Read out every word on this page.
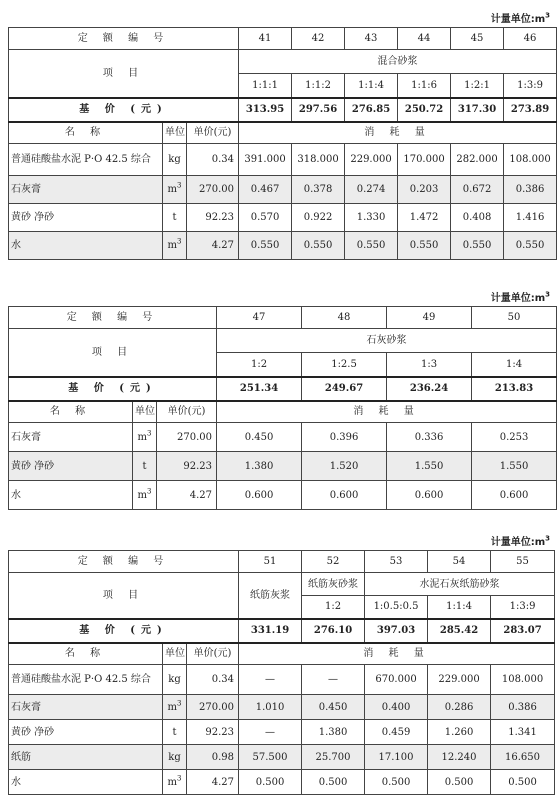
计量单位$:m^3$
定 额 编 号			41	42	43	44	45	46
项 目			混合砂浆					
			1:1:1	1:1:2	1:1:4	1:1:6	1:2:1	1:3:9
基 价 (元)			313.95	297.56	276.85	250.72	317.30	273.89
名 称	单位	单价(元)	消 耗 量					
普通硅酸盐水泥 P·O 42.5 综合	kg	0.34	391.000	318.000	229.000	170.000	282.000	108.000
石灰膏	$m^3$	270.00	0.467	0.378	0.274	0.203	0.672	0.386
黄砂 净砂	t	92.23	0.570	0.922	1.330	1.472	0.408	1.416
水	$m^3$	4.27	0.550	0.550	0.550	0.550	0.550	0.550
计量单位$:m^3$
定 额 编 号			47	48	49	50
项 目			石灰砂浆			
			1:2	1:2.5	1:3	1:4
基 价 (元)			251.34	249.67	236.24	213.83
名 称	单位	单价(元)	消 耗 量			
石灰膏	$m^3$	270.00	0.450	0.396	0.336	0.253
黄砂 净砂	t	92.23	1.380	1.520	1.550	1.550
水	$m^3$	4.27	0.600	0.600	0.600	0.600
计量单位$:m^3$
定 额 编 号			51	52	53	54	55
项 目			纸筋灰浆	纸筋灰砂浆	水泥石灰纸筋砂浆		
				1:2	1:0.5:0.5	1:1:4	1:3:9
基 价 (元)			331.19	276.10	397.03	285.42	283.07
名 称	单位	单价(元)	消 耗 量				
普通硅酸盐水泥 P·O 42.5 综合	kg	0.34	—	—	670.000	229.000	108.000
石灰膏	$m^3$	270.00	1.010	0.450	0.400	0.286	0.386
黄砂 净砂	t	92.23	—	1.380	0.459	1.260	1.341
纸筋	kg	0.98	57.500	25.700	17.100	12.240	16.650
水	$m^3$	4.27	0.500	0.500	0.500	0.500	0.500
